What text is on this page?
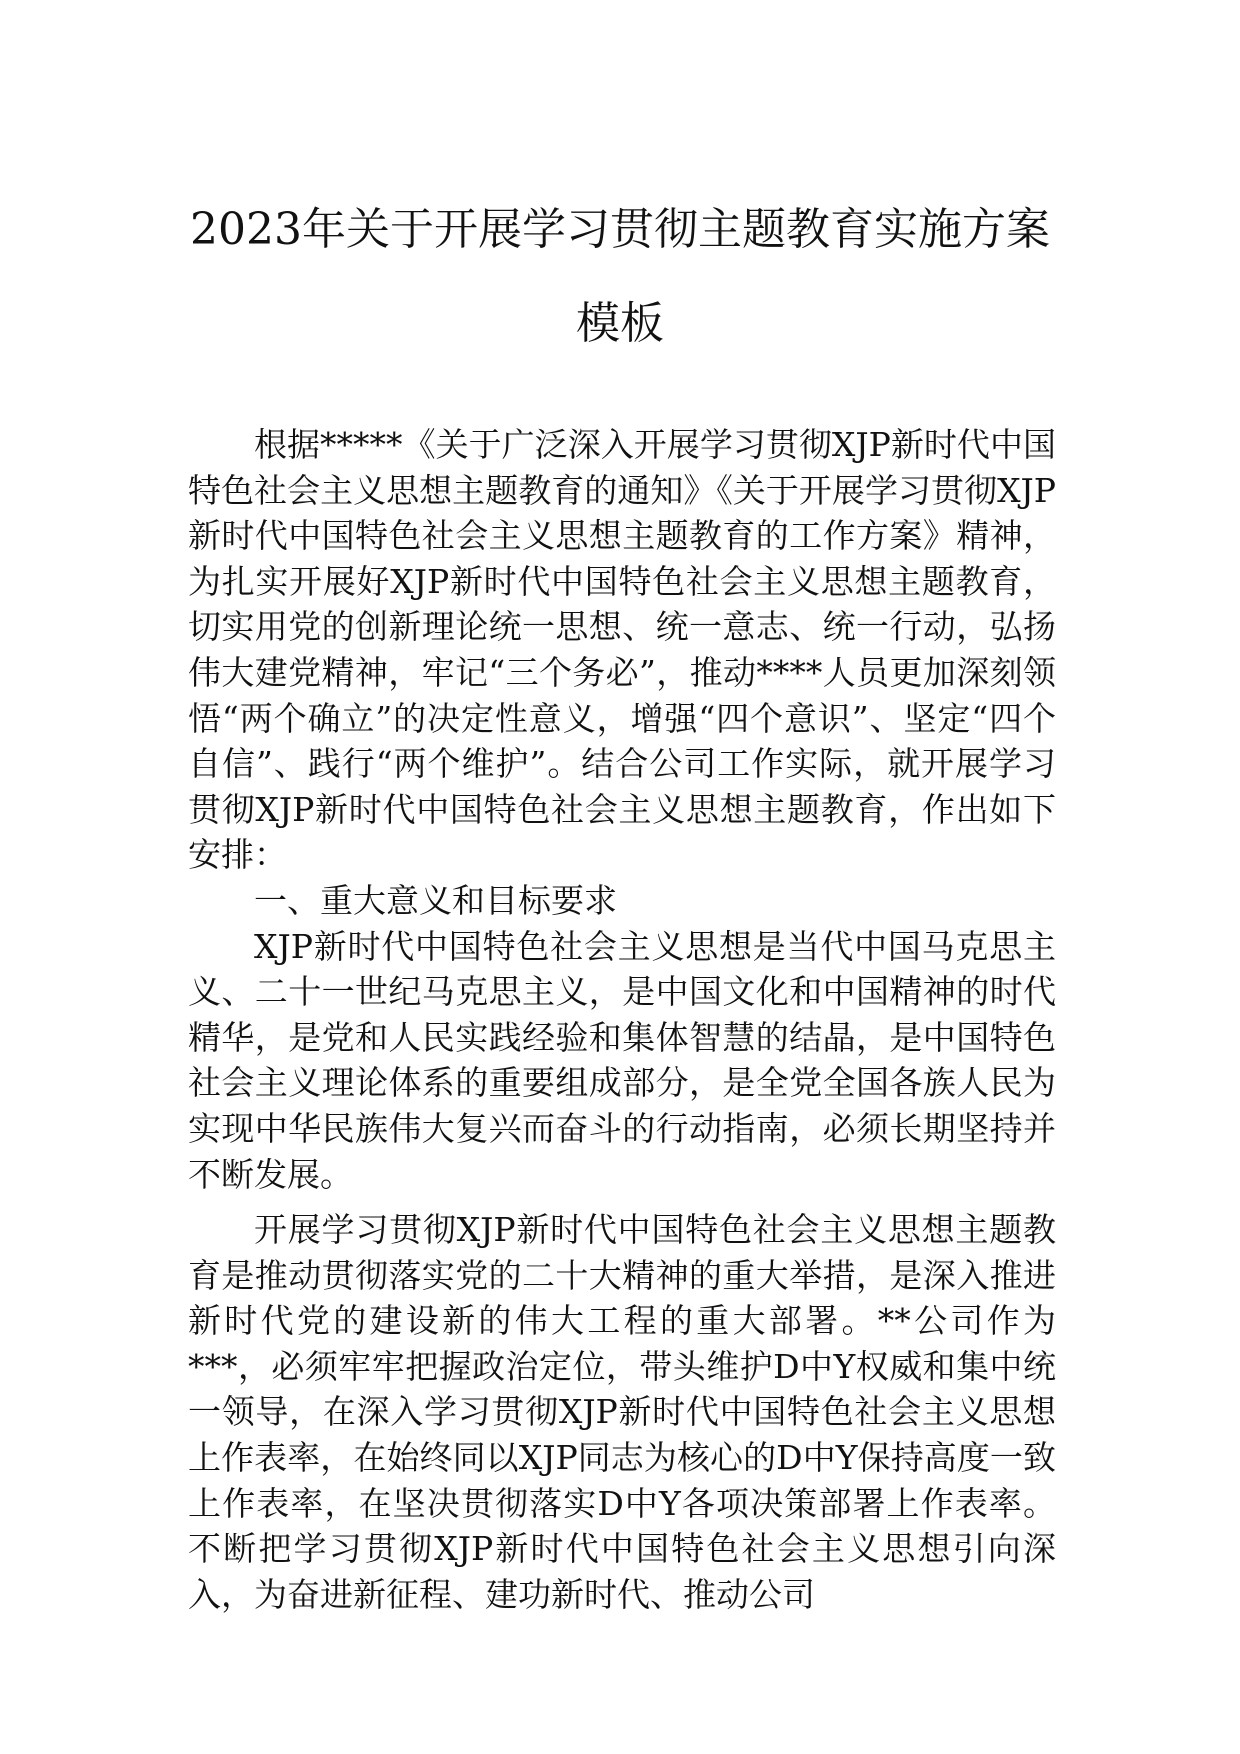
2023年关于开展学习贯彻主题教育实施方案模板

根据*****《关于广泛深入开展学习贯彻XJP新时代中国特色社会主义思想主题教育的通知》《关于开展学习贯彻XJP新时代中国特色社会主义思想主题教育的工作方案》精神，为扎实开展好XJP新时代中国特色社会主义思想主题教育，切实用党的创新理论统一思想、统一意志、统一行动，弘扬伟大建党精神，牢记“三个务必”，推动****人员更加深刻领悟“两个确立”的决定性意义，增强“四个意识”、坚定“四个自信”、践行“两个维护”。结合公司工作实际，就开展学习贯彻XJP新时代中国特色社会主义思想主题教育，作出如下安排：

一、重大意义和目标要求

XJP新时代中国特色社会主义思想是当代中国马克思主义、二十一世纪马克思主义，是中国文化和中国精神的时代精华，是党和人民实践经验和集体智慧的结晶，是中国特色社会主义理论体系的重要组成部分，是全党全国各族人民为实现中华民族伟大复兴而奋斗的行动指南，必须长期坚持并不断发展。

开展学习贯彻XJP新时代中国特色社会主义思想主题教育是推动贯彻落实党的二十大精神的重大举措，是深入推进新时代党的建设新的伟大工程的重大部署。**公司作为***，必须牢牢把握政治定位，带头维护D中Y权威和集中统一领导，在深入学习贯彻XJP新时代中国特色社会主义思想上作表率，在始终同以XJP同志为核心的D中Y保持高度一致上作表率，在坚决贯彻落实D中Y各项决策部署上作表率。不断把学习贯彻XJP新时代中国特色社会主义思想引向深入，为奋进新征程、建功新时代、推动公司
